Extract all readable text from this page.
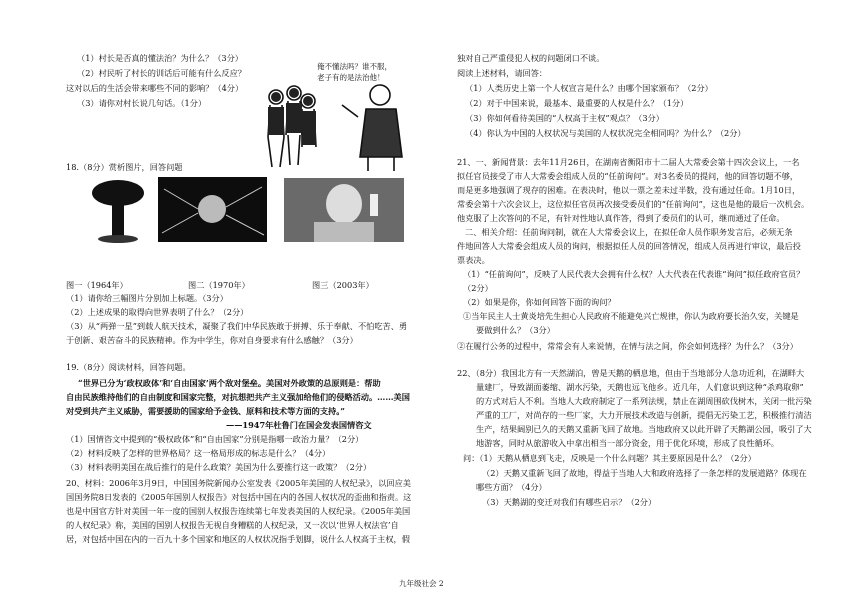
（1）村长是否真的懂法治？为什么？（3分）
（2）村民听了村长的训话后可能有什么反应？
这对以后的生活会带来哪些不同的影响？（4分）
（3）请你对村长说几句话。（1分）
俺不懂法吗？谁不服，
老子有的是法治他！
18.（8分）赏析图片，回答问题
图一（1964年）	图二（1970年）	图三（2003年）
（1）请你给三幅图片分别加上标题。（3分）
（2）上述成果的取得向世界表明了什么？（2分）
（3）从“两弹一星”到载人航天技术，凝聚了我们中华民族敢于拼搏、乐于奉献、不怕吃苦、勇
于创新、艰苦奋斗的民族精神。作为中学生，你对自身要求有什么感触？（3分）
19.（8分）阅读材料，回答问题。
“世界已分为‘政权政体’和‘自由国家’两个敌对堡垒。美国对外政策的总原则是：帮助
自由民族维持他们的自由制度和国家完整，对抗想把共产主义强加给他们的侵略活动。……美国
对受到共产主义威胁，需要援助的国家给予金钱、原料和技术等方面的支持。”
——1947年杜鲁门在国会发表国情咨文
（1）国情咨文中提到的“极权政体”和“自由国家”分别是指哪一政治力量？（2分）
（2）材料反映了怎样的世界格局？这一格局形成的标志是什么？（4分）
（3）材料表明美国在战后推行的是什么政策？美国为什么要推行这一政策？（2分）
20、材料：2006年3月9日，中国国务院新闻办公室发表《2005年美国的人权纪录》，以回应美
国国务院8日发表的《2005年国别人权报告》对包括中国在内的各国人权状况的歪曲和指责。这
也是中国官方针对美国一年一度的国别人权报告连续第七年发表美国的人权纪录。《2005年美国
的人权纪录》称，美国的国别人权报告无视自身糟糕的人权纪录，又一次以‘世界人权法官’自
居，对包括中国在内的一百九十多个国家和地区的人权状况指手划脚，说什么人权高于主权，假
独对自己严重侵犯人权的问题闭口不谈。
阅读上述材料，请回答：
（1）人类历史上第一个人权宣言是什么？由哪个国家颁布？（2分）
（2）对于中国来说，最基本、最重要的人权是什么？（1分）
（3）你如何看待美国的“人权高于主权”观点？（3分）
（4）你认为中国的人权状况与美国的人权状况完全相同吗？为什么？（2分）
21、一、新闻背景：去年11月26日，在湖南省衡阳市十二届人大常委会第十四次会议上，一名
拟任官员接受了市人大常委会组成人员的“任前询问”。对3名委员的提问，他的回答切题不够，
而是更多地强调了现存的困难。在表决时，他以一票之差未过半数，没有通过任命。1月10日，
常委会第十六次会议上，这位拟任官员再次接受委员们的“任前询问”，这也是他的最后一次机会。
他克服了上次答问的不足，有针对性地认真作答，得到了委员们的认可，继而通过了任命。
二、相关介绍：任前询问制，就在人大常委会议上，在拟任命人员作职务发言后，必须无条
件地回答人大常委会组成人员的询问，根据拟任人员的回答情况，组成人员再进行审议，最后投
票表决。
（1）“任前询问”，反映了人民代表大会拥有什么权？人大代表在代表谁“询问”拟任政府官员？
（2分）
（2）如果是你，你如何回答下面的询问？
①当年民主人士黄炎培先生担心人民政府不能避免兴亡规律，你认为政府要长治久安，关键是
要做到什么？（3分）
②在履行公务的过程中，常常会有人来说情，在情与法之间，你会如何选择？为什么？（3分）
22、（8分）我国北方有一天然湖泊，曾是天鹅的栖息地，但由于当地部分人急功近利，在湖畔大
量建厂，导致湖面萎缩、湖水污染，天鹅也远飞他乡。近几年，人们意识到这种“杀鸡取卵”
的方式对后人不利。当地人大政府制定了一系列法规，禁止在湖周围砍伐树木，关闭一批污染
严重的工厂，对尚存的一些厂家，大力开展技术改造与创新，提倡无污染工艺，积极推行清洁
生产，结果阔别已久的天鹅又重新飞回了故地。当地政府又以此开辟了天鹅湖公园，吸引了大
地游客，同时从旅游收入中拿出相当一部分资金，用于优化环境，形成了良性循环。
问：（1）天鹅从栖息到飞走，反映是一个什么问题？其主要原因是什么？（2分）
（2）天鹅又重新飞回了故地，得益于当地人大和政府选择了一条怎样的发展道路？体现在
哪些方面？（4分）
（3）天鹅湖的变迁对我们有哪些启示？（2分）
九年级社会 2
